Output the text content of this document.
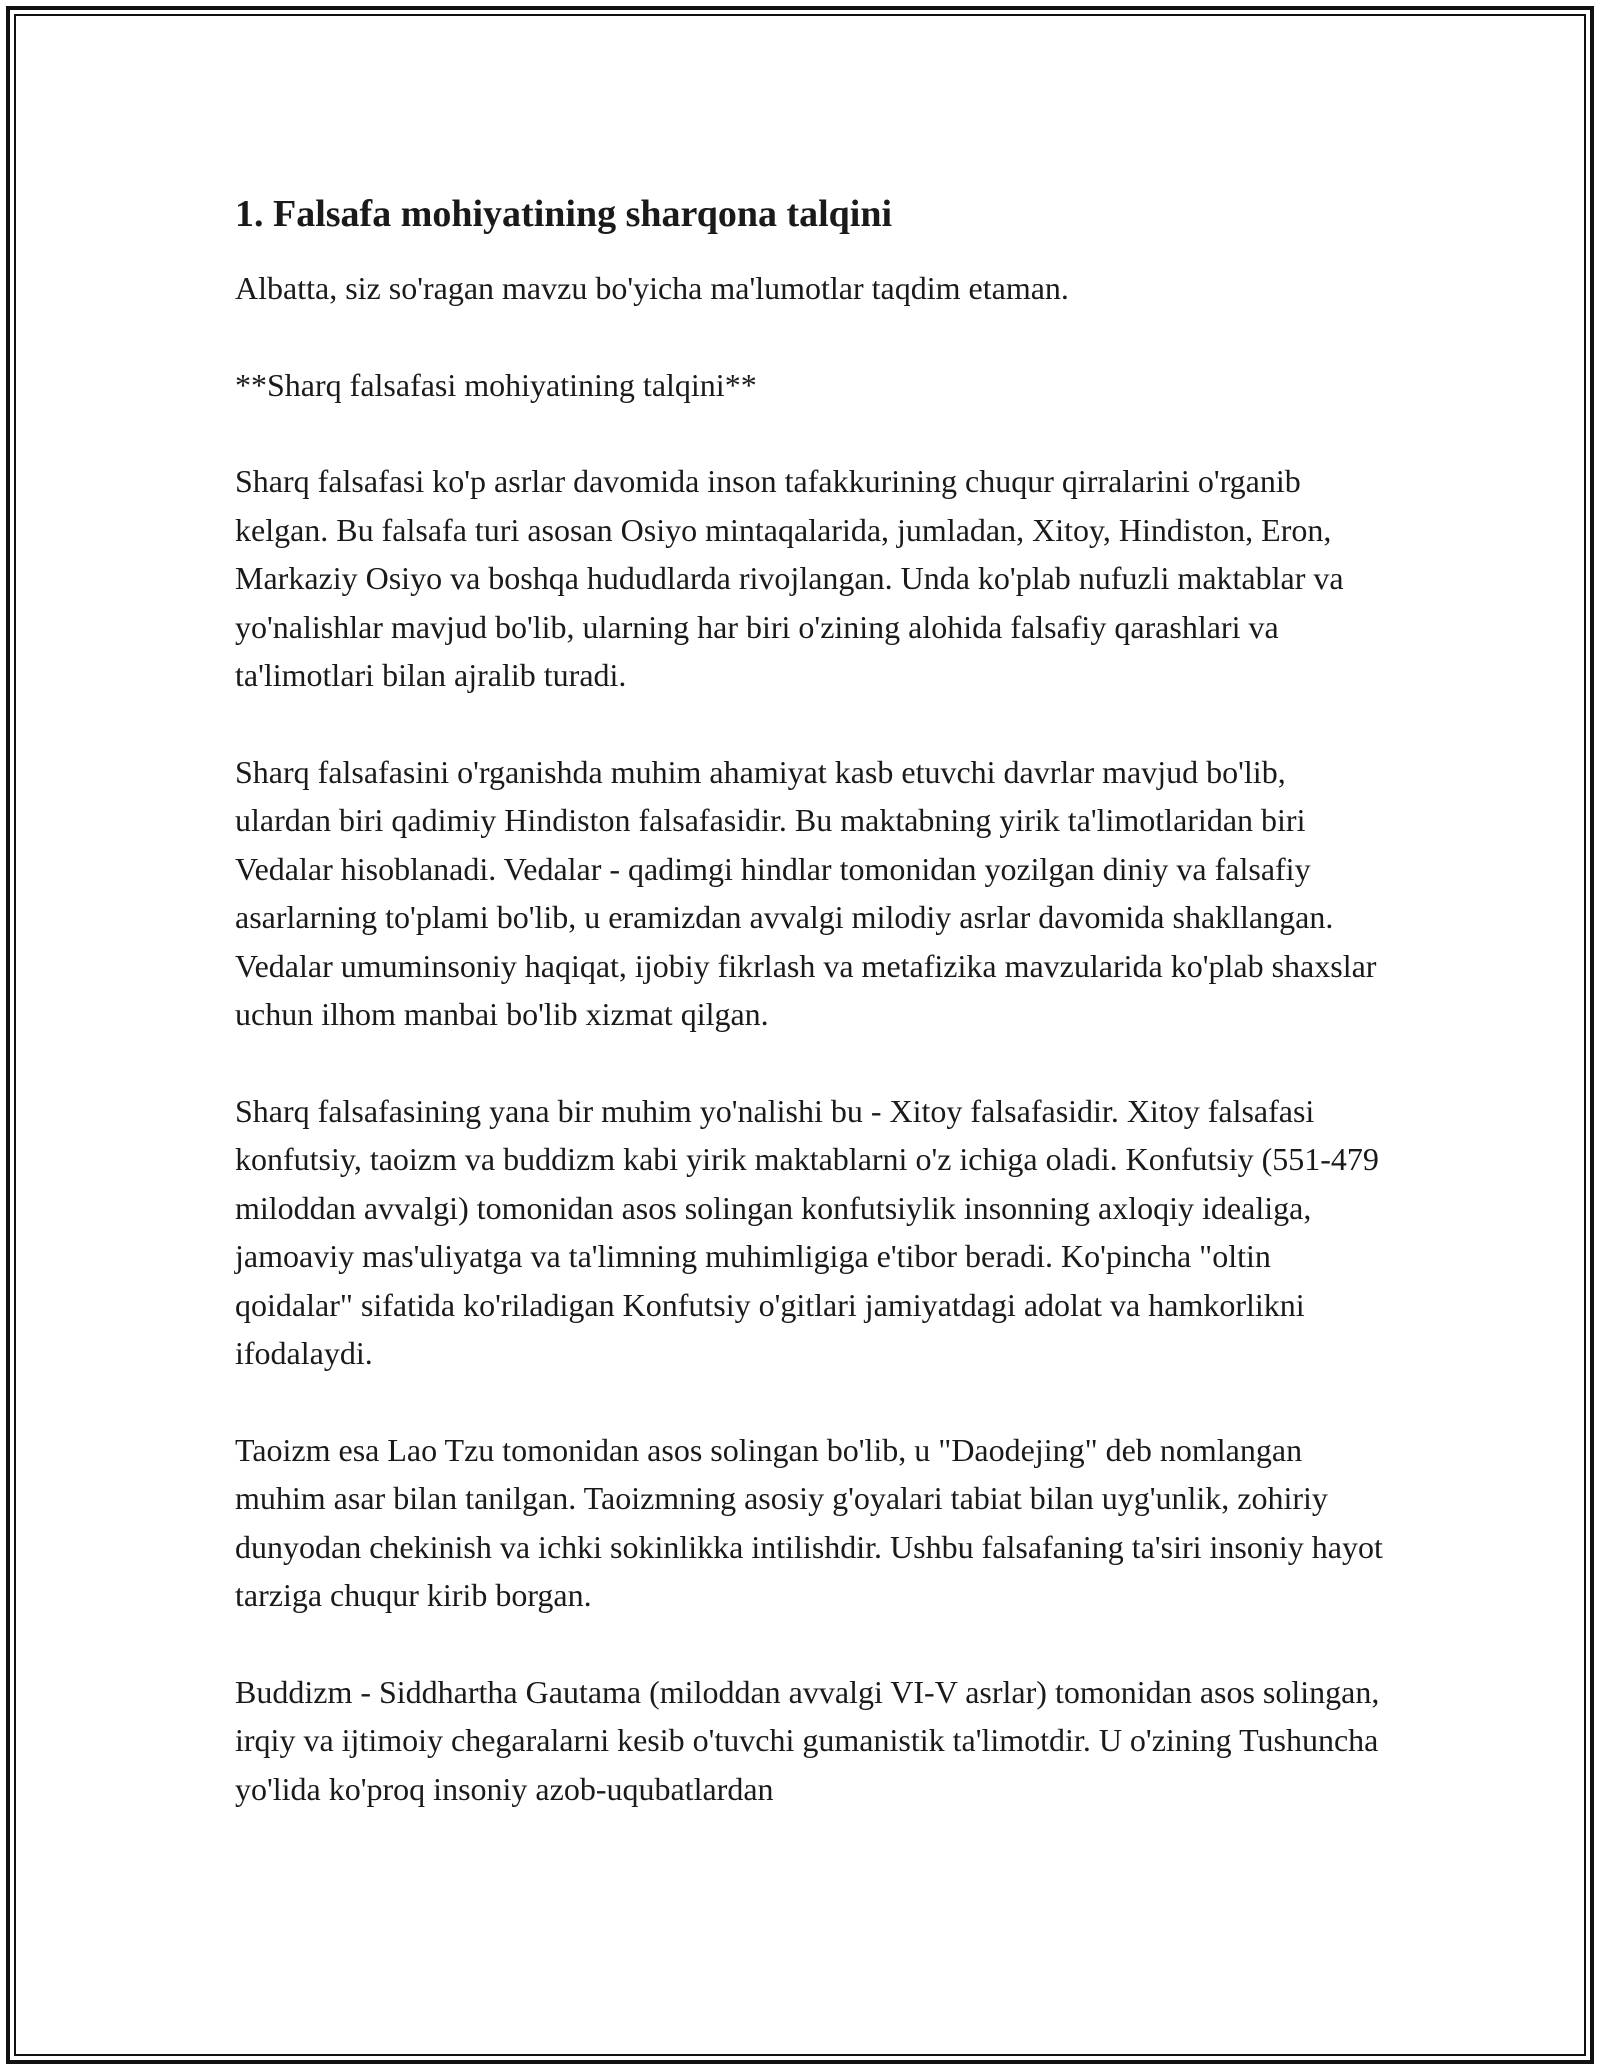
1. Falsafa mohiyatining sharqona talqini

Albatta, siz so'ragan mavzu bo'yicha ma'lumotlar taqdim etaman.

**Sharq falsafasi mohiyatining talqini**

Sharq falsafasi ko'p asrlar davomida inson tafakkurining chuqur qirralarini o'rganib kelgan. Bu falsafa turi asosan Osiyo mintaqalarida, jumladan, Xitoy, Hindiston, Eron, Markaziy Osiyo va boshqa hududlarda rivojlangan. Unda ko'plab nufuzli maktablar va yo'nalishlar mavjud bo'lib, ularning har biri o'zining alohida falsafiy qarashlari va ta'limotlari bilan ajralib turadi.

Sharq falsafasini o'rganishda muhim ahamiyat kasb etuvchi davrlar mavjud bo'lib, ulardan biri qadimiy Hindiston falsafasidir. Bu maktabning yirik ta'limotlaridan biri Vedalar hisoblanadi. Vedalar - qadimgi hindlar tomonidan yozilgan diniy va falsafiy asarlarning to'plami bo'lib, u eramizdan avvalgi milodiy asrlar davomida shakllangan. Vedalar umuminsoniy haqiqat, ijobiy fikrlash va metafizika mavzularida ko'plab shaxslar uchun ilhom manbai bo'lib xizmat qilgan.

Sharq falsafasining yana bir muhim yo'nalishi bu - Xitoy falsafasidir. Xitoy falsafasi konfutsiy, taoizm va buddizm kabi yirik maktablarni o'z ichiga oladi. Konfutsiy (551-479 miloddan avvalgi) tomonidan asos solingan konfutsiylik insonning axloqiy idealiga, jamoaviy mas'uliyatga va ta'limning muhimligiga e'tibor beradi. Ko'pincha "oltin qoidalar" sifatida ko'riladigan Konfutsiy o'gitlari jamiyatdagi adolat va hamkorlikni ifodalaydi.

Taoizm esa Lao Tzu tomonidan asos solingan bo'lib, u "Daodejing" deb nomlangan muhim asar bilan tanilgan. Taoizmning asosiy g'oyalari tabiat bilan uyg'unlik, zohiriy dunyodan chekinish va ichki sokinlikka intilishdir. Ushbu falsafaning ta'siri insoniy hayot tarziga chuqur kirib borgan.

Buddizm - Siddhartha Gautama (miloddan avvalgi VI-V asrlar) tomonidan asos solingan, irqiy va ijtimoiy chegaralarni kesib o'tuvchi gumanistik ta'limotdir. U o'zining Tushuncha yo'lida ko'proq insoniy azob-uqubatlardan
